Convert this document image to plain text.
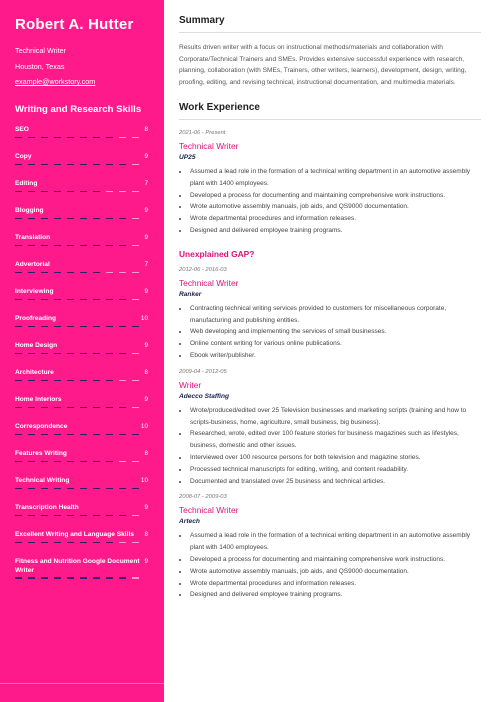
Robert A. Hutter
Technical Writer
Houston, Texas
example@workstory.com
Writing and Research Skills
SEO	8
Copy	9
Editing	7
Blogging	9
Translation	9
Advertorial	7
Interviewing	9
Proofreading	10
Home Design	9
Architecture	8
Home Interiors	9
Correspondence	10
Features Writing	8
Technical Writing	10
Transcription Health	9
Excellent Writing and Language Skills	8
Fitness and Nutrition Google Document Writer
9
Summary
Results driven writer with a focus on instructional methods/materials and collaboration with Corporate/Technical Trainers and SMEs. Provides extensive successful experience with research, planning, collaboration (with SMEs, Trainers, other writers, learners), development, design, writing, proofing, editing, and revising technical, instructional documentation, and multimedia materials.
Work Experience
2021-06 - Present
Technical Writer
UP25
• Assumed a lead role in the formation of a technical writing department in an automotive assembly plant with 1400 employees.
• Developed a process for documenting and maintaining comprehensive work instructions.
• Wrote automotive assembly manuals, job aids, and QS9000 documentation.
• Wrote departmental procedures and information releases.
• Designed and delivered employee training programs.
Unexplained GAP?
2012-06 - 2016-03
Technical Writer
Ranker
• Contracting technical writing services provided to customers for miscellaneous corporate, manufacturing and publishing entities.
• Web developing and implementing the services of small businesses.
• Online content writing for various online publications.
• Ebook writer/publisher.
2009-04 - 2012-05
Writer
Adecco Staffing
• Wrote/produced/edited over 25 Television businesses and marketing scripts (training and how to scripts-business, home, agriculture, small business, big business).
• Researched, wrote, edited over 100 feature stories for business magazines such as lifestyles, business, domestic and other issues.
• Interviewed over 100 resource persons for both television and magazine stories.
• Processed technical manuscripts for editing, writing, and content readability.
• Documented and translated over 25 business and technical articles.
2008-07 - 2009-03
Technical Writer
Artech
• Assumed a lead role in the formation of a technical writing department in an automotive assembly plant with 1400 employees.
• Developed a process for documenting and maintaining comprehensive work instructions.
• Wrote automotive assembly manuals, job aids, and QS9000 documentation.
• Wrote departmental procedures and information releases.
• Designed and delivered employee training programs.
